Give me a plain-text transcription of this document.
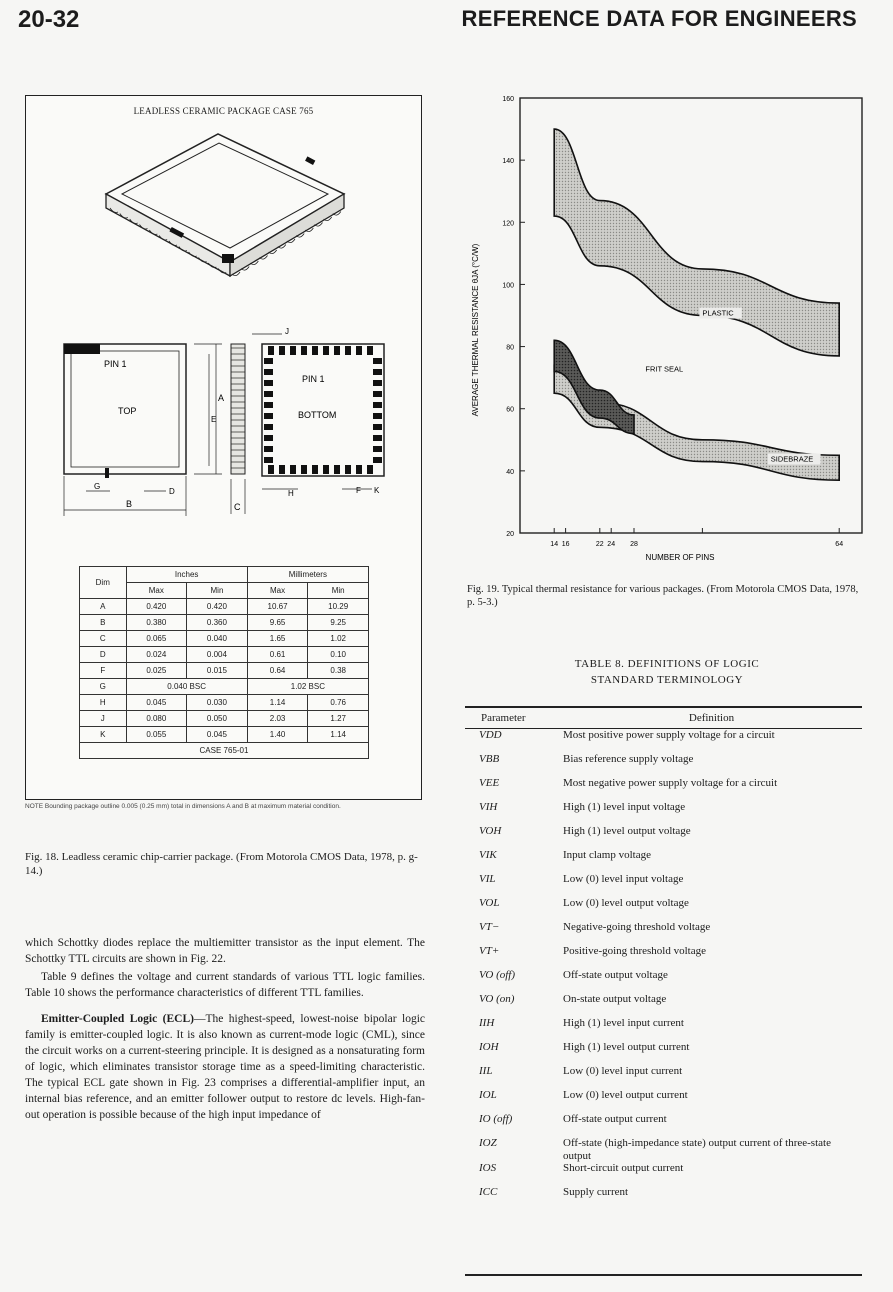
20-32	REFERENCE DATA FOR ENGINEERS
LEADLESS CERAMIC PACKAGE CASE 765
PIN 1
TOP
B
G
D
A
E
C
J
PIN 1
BOTTOM
H	K
F
Dim	Inches		Millimeters	
	Max	Min	Max	Min
A	0.420	0.420	10.67	10.29
B	0.380	0.360	9.65	9.25
C	0.065	0.040	1.65	1.02
D	0.024	0.004	0.61	0.10
F	0.025	0.015	0.64	0.38
G	0.040 BSC		1.02 BSC	
H	0.045	0.030	1.14	0.76
J	0.080	0.050	2.03	1.27
K	0.055	0.045	1.40	1.14
CASE 765-01				
NOTE Bounding package outline 0.005 (0.25 mm) total in dimensions A and B at maximum material condition.
Fig. 18. Leadless ceramic chip-carrier package. (From Motorola CMOS Data, 1978, p. g-14.)

which Schottky diodes replace the multiemitter transistor as the input element. The Schottky TTL circuits are shown in Fig. 22.

Table 9 defines the voltage and current standards of various TTL logic families. Table 10 shows the performance characteristics of different TTL families.

Emitter-Coupled Logic (ECL)—The highest-speed, lowest-noise bipolar logic family is emitter-coupled logic. It is also known as current-mode logic (CML), since the circuit works on a current-steering principle. It is designed as a nonsaturating form of logic, which eliminates transistor storage time as a speed-limiting characteristic. The typical ECL gate shown in Fig. 23 comprises a differential-amplifier input, an internal bias reference, and an emitter follower output to restore dc levels. High-fan-out operation is possible because of the high input impedance of

20
40
60
80
100
120
140
160
14 16	22 24 28	64
PLASTIC
FRIT SEAL
SIDEBRAZE
NUMBER OF PINS
AVERAGE THERMAL RESISTANCE θJA (°C/W)
Fig. 19. Typical thermal resistance for various packages. (From Motorola CMOS Data, 1978, p. 5-3.)
TABLE 8. DEFINITIONS OF LOGIC
STANDARD TERMINOLOGY
Parameter	Definition
VDD	Most positive power supply voltage for a circuit
VBB	Bias reference supply voltage
VEE	Most negative power supply voltage for a circuit
VIH	High (1) level input voltage
VOH	High (1) level output voltage
VIK	Input clamp voltage
VIL	Low (0) level input voltage
VOL	Low (0) level output voltage
VT−	Negative-going threshold voltage
VT+	Positive-going threshold voltage
VO (off)	Off-state output voltage
VO (on)	On-state output voltage
IIH	High (1) level input current
IOH	High (1) level output current
IIL	Low (0) level input current
IOL	Low (0) level output current
IO (off)	Off-state output current
IOZ	Off-state (high-impedance state) output current of three-state output
IOS	Short-circuit output current
ICC	Supply current
